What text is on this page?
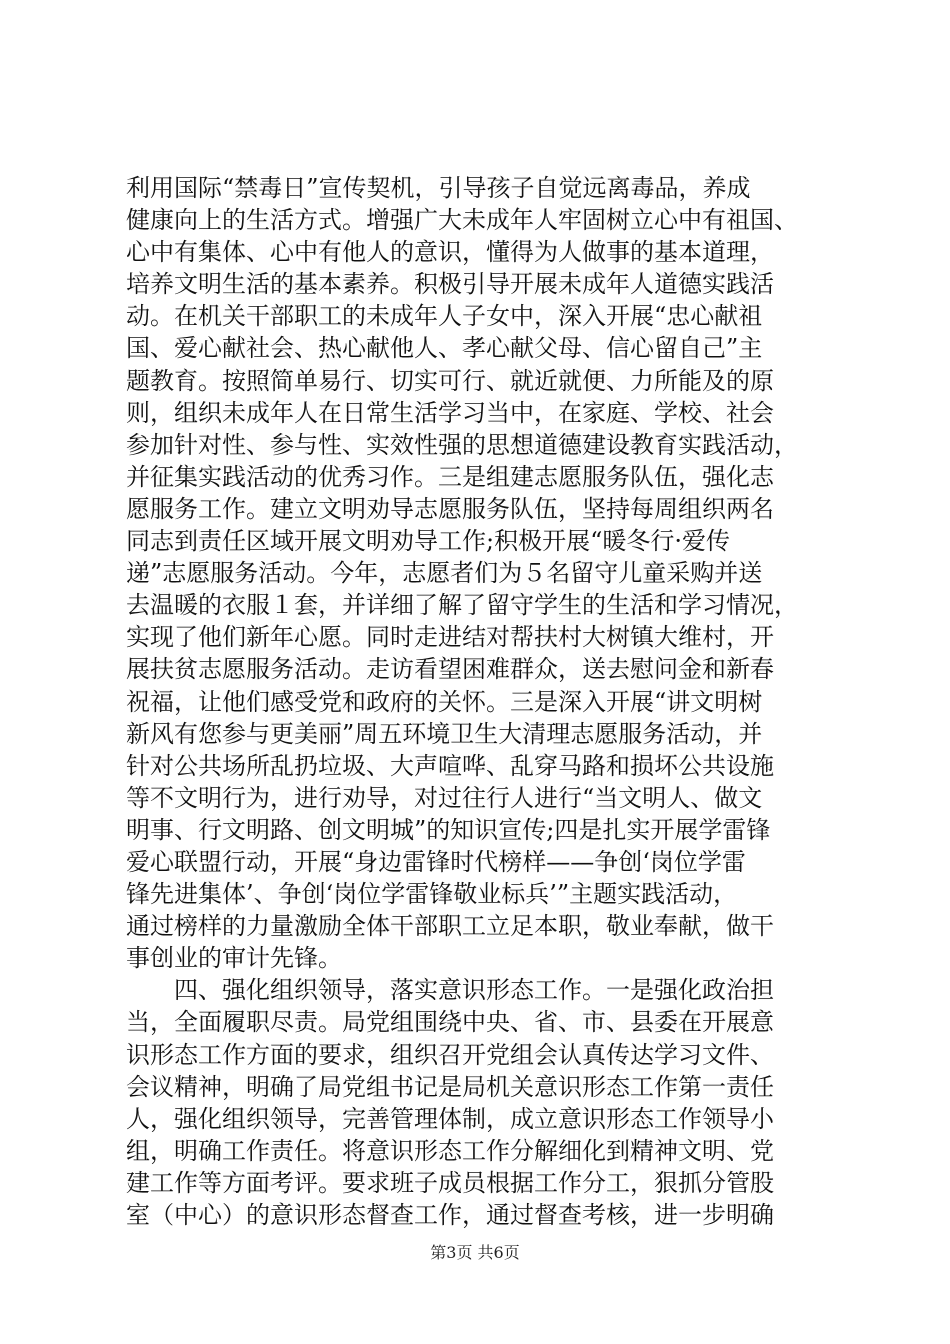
利用国际“禁毒日”宣传契机，引导孩子自觉远离毒品，养成
健康向上的生活方式。增强广大未成年人牢固树立心中有祖国、
心中有集体、心中有他人的意识，懂得为人做事的基本道理，
培养文明生活的基本素养。积极引导开展未成年人道德实践活
动。在机关干部职工的未成年人子女中，深入开展“忠心献祖
国、爱心献社会、热心献他人、孝心献父母、信心留自己”主
题教育。按照简单易行、切实可行、就近就便、力所能及的原
则，组织未成年人在日常生活学习当中，在家庭、学校、社会
参加针对性、参与性、实效性强的思想道德建设教育实践活动，
并征集实践活动的优秀习作。三是组建志愿服务队伍，强化志
愿服务工作。建立文明劝导志愿服务队伍，坚持每周组织两名
同志到责任区域开展文明劝导工作;积极开展“暖冬行·爱传
递”志愿服务活动。今年，志愿者们为５名留守儿童采购并送
去温暖的衣服１套，并详细了解了留守学生的生活和学习情况，
实现了他们新年心愿。同时走进结对帮扶村大树镇大维村，开
展扶贫志愿服务活动。走访看望困难群众，送去慰问金和新春
祝福，让他们感受党和政府的关怀。三是深入开展“讲文明树
新风有您参与更美丽”周五环境卫生大清理志愿服务活动，并
针对公共场所乱扔垃圾、大声喧哗、乱穿马路和损坏公共设施
等不文明行为，进行劝导，对过往行人进行“当文明人、做文
明事、行文明路、创文明城”的知识宣传;四是扎实开展学雷锋
爱心联盟行动，开展“身边雷锋时代榜样——争创‘岗位学雷
锋先进集体’、争创‘岗位学雷锋敬业标兵’”主题实践活动，
通过榜样的力量激励全体干部职工立足本职，敬业奉献，做干
事创业的审计先锋。
四、强化组织领导，落实意识形态工作。一是强化政治担
当，全面履职尽责。局党组围绕中央、省、市、县委在开展意
识形态工作方面的要求，组织召开党组会认真传达学习文件、
会议精神，明确了局党组书记是局机关意识形态工作第一责任
人，强化组织领导，完善管理体制，成立意识形态工作领导小
组，明确工作责任。将意识形态工作分解细化到精神文明、党
建工作等方面考评。要求班子成员根据工作分工，狠抓分管股
室（中心）的意识形态督查工作，通过督查考核，进一步明确
第3页 共6页
